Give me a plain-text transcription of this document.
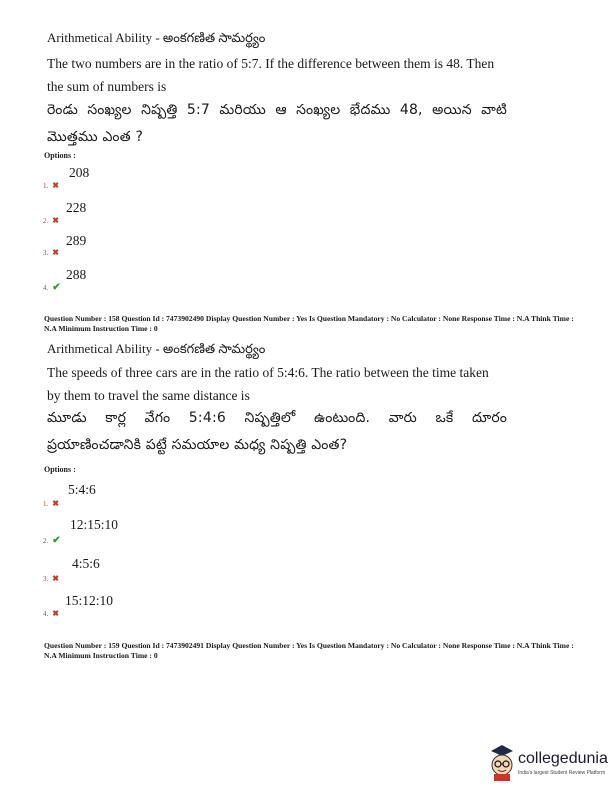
Arithmetical Ability - అంకగణిత సామర్థ్యం
The two numbers are in the ratio of 5:7. If the difference between them is 48. Then
the sum of numbers is
రెండు సంఖ్యల నిష్పత్తి 5:7 మరియు ఆ సంఖ్యల భేదము 48, అయిన వాటి
మొత్తము ఎంత ?
Options :
1. ✖
208
2. ✖
228
3. ✖
289
4. ✔
288
Question Number : 158 Question Id : 7473902490 Display Question Number : Yes Is Question Mandatory : No Calculator : None Response Time : N.A Think Time : N.A Minimum Instruction Time : 0
Arithmetical Ability - అంకగణిత సామర్థ్యం
The speeds of three cars are in the ratio of 5:4:6. The ratio between the time taken
by them to travel the same distance is
మూడు కార్ల వేగం 5:4:6 నిష్పత్తిలో ఉంటుంది. వారు ఒకే దూరం
ప్రయాణించడానికి పట్టే సమయాల మధ్య నిష్పత్తి ఎంత?
Options :
1. ✖
5:4:6
2. ✔
12:15:10
3. ✖
4:5:6
4. ✖
15:12:10
Question Number : 159 Question Id : 7473902491 Display Question Number : Yes Is Question Mandatory : No Calculator : None Response Time : N.A Think Time : N.A Minimum Instruction Time : 0
collegedunia
India's largest Student Review Platform
